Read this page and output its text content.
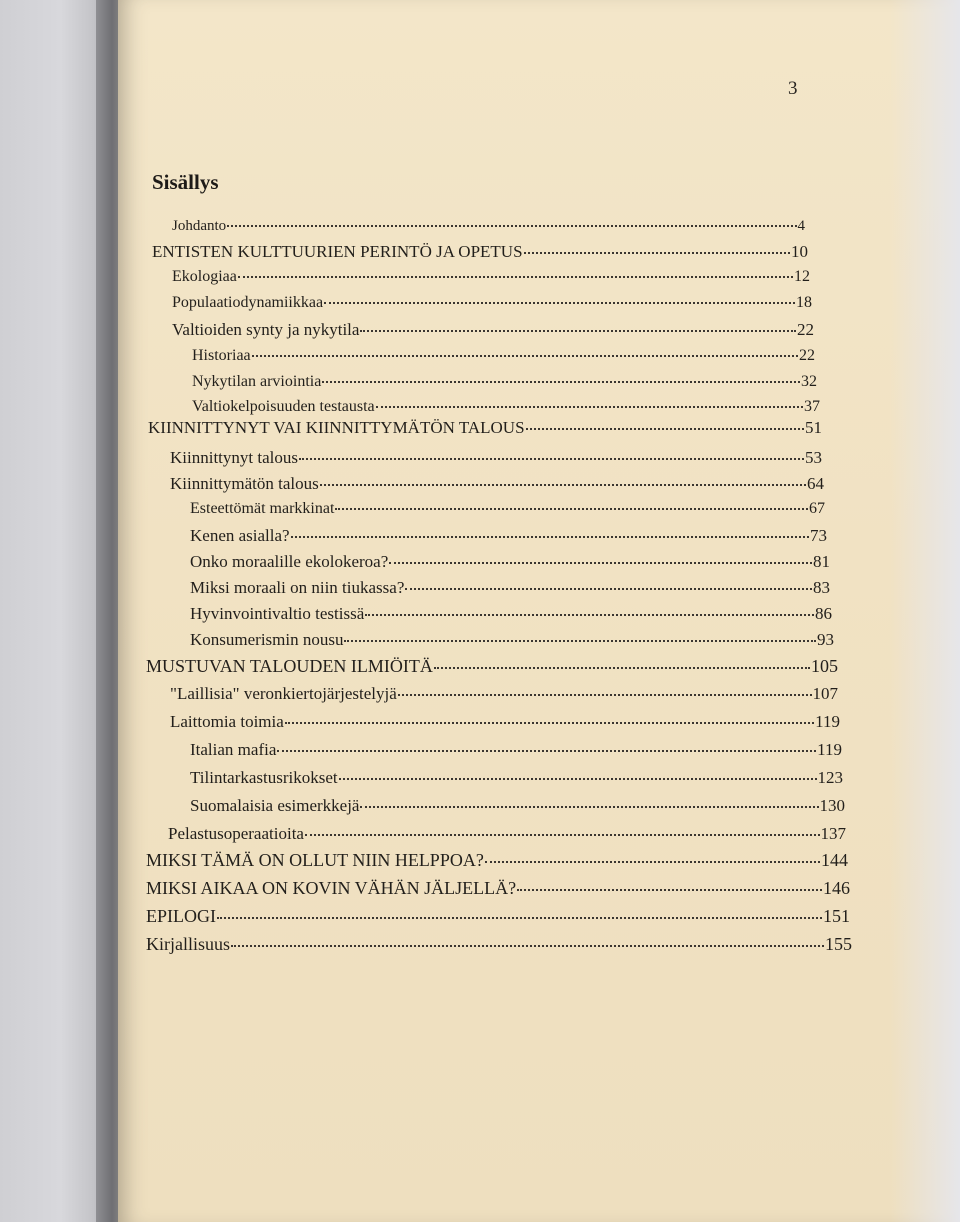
3
Sisällys
Johdanto	4
ENTISTEN KULTTUURIEN PERINTÖ JA OPETUS	10
Ekologiaa	12
Populaatiodynamiikkaa	18
Valtioiden synty ja nykytila	22
Historiaa	22
Nykytilan arviointia	32
Valtiokelpoisuuden testausta	37
KIINNITTYNYT VAI KIINNITTYMÄTÖN TALOUS	51
Kiinnittynyt talous	53
Kiinnittymätön talous	64
Esteettömät markkinat	67
Kenen asialla?	73
Onko moraalille ekolokeroa?	81
Miksi moraali on niin tiukassa?	83
Hyvinvointivaltio testissä	86
Konsumerismin nousu	93
MUSTUVAN TALOUDEN ILMIÖITÄ	105
"Laillisia" veronkiertojärjestelyjä	107
Laittomia toimia	119
Italian mafia	119
Tilintarkastusrikokset	123
Suomalaisia esimerkkejä	130
Pelastusoperaatioita	137
MIKSI TÄMÄ ON OLLUT NIIN HELPPOA?	144
MIKSI AIKAA ON KOVIN VÄHÄN JÄLJELLÄ?	146
EPILOGI	151
Kirjallisuus	155
